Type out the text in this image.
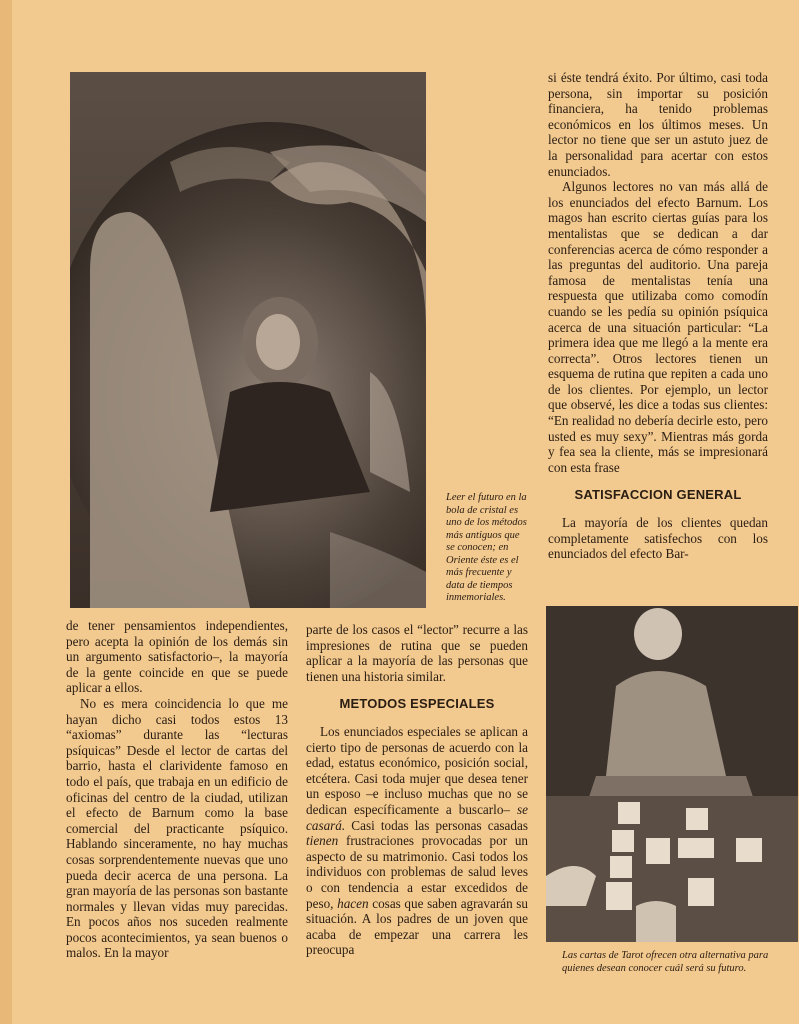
Leer el futuro en la bola de cristal es uno de los métodos más antiguos que se conocen; en Oriente éste es el más frecuente y data de tiempos inmemoriales.

si éste tendrá éxito. Por último, casi toda persona, sin importar su posición financiera, ha tenido problemas económicos en los últimos meses. Un lector no tiene que ser un astuto juez de la personalidad para acertar con estos enunciados.

Algunos lectores no van más allá de los enunciados del efecto Barnum. Los magos han escrito ciertas guías para los mentalistas que se dedican a dar conferencias acerca de cómo responder a las preguntas del auditorio. Una pareja famosa de mentalistas tenía una respuesta que utilizaba como comodín cuando se les pedía su opinión psíquica acerca de una situación particular: “La primera idea que me llegó a la mente era correcta”. Otros lectores tienen un esquema de rutina que repiten a cada uno de los clientes. Por ejemplo, un lector que observé, les dice a todas sus clientes: “En realidad no debería decirle esto, pero usted es muy sexy”. Mientras más gorda y fea sea la cliente, más se impresionará con esta frase

SATISFACCION GENERAL

La mayoría de los clientes quedan completamente satisfechos con los enunciados del efecto Bar-

de tener pensamientos independientes, pero acepta la opinión de los demás sin un argumento satisfactorio–, la mayoría de la gente coincide en que se puede aplicar a ellos.

No es mera coincidencia lo que me hayan dicho casi todos estos 13 “axiomas” durante las “lecturas psíquicas” Desde el lector de cartas del barrio, hasta el clarividente famoso en todo el país, que trabaja en un edificio de oficinas del centro de la ciudad, utilizan el efecto de Barnum como la base comercial del practicante psíquico. Hablando sinceramente, no hay muchas cosas sorprendentemente nuevas que uno pueda decir acerca de una persona. La gran mayoría de las personas son bastante normales y llevan vidas muy parecidas. En pocos años nos suceden realmente pocos acontecimientos, ya sean buenos o malos. En la mayor

parte de los casos el “lector” recurre a las impresiones de rutina que se pueden aplicar a la mayoría de las personas que tienen una historia similar.

METODOS ESPECIALES

Los enunciados especiales se aplican a cierto tipo de personas de acuerdo con la edad, estatus económico, posición social, etcétera. Casi toda mujer que desea tener un esposo –e incluso muchas que no se dedican específicamente a buscarlo– se casará. Casi todas las personas casadas tienen frustraciones provocadas por un aspecto de su matrimonio. Casi todos los individuos con problemas de salud leves o con tendencia a estar excedidos de peso, hacen cosas que saben agravarán su situación. A los padres de un joven que acaba de empezar una carrera les preocupa	Las cartas de Tarot ofrecen otra alternativa para quienes desean conocer cuál será su futuro.
